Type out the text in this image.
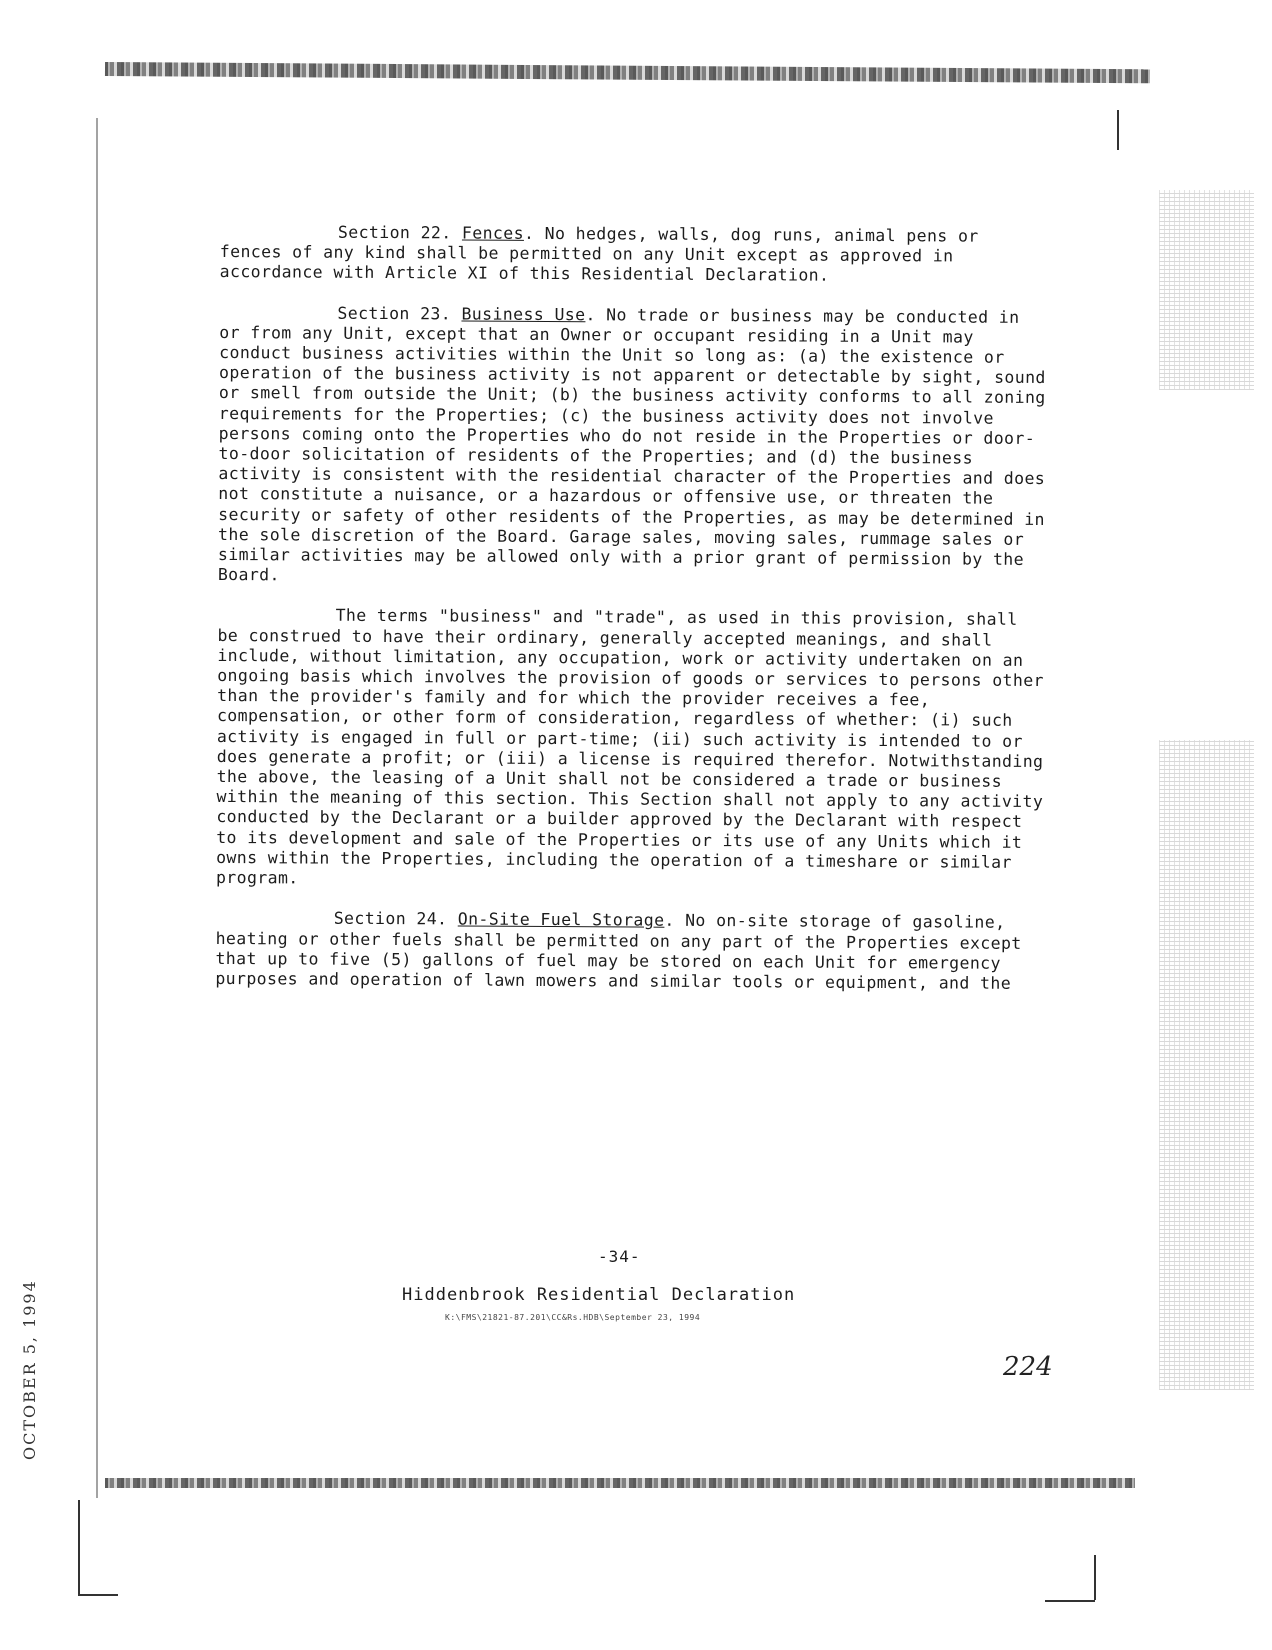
Section 22. Fences. No hedges, walls, dog runs, animal pens or fences of any kind shall be permitted on any Unit except as approved in accordance with Article XI of this Residential Declaration.

Section 23. Business Use. No trade or business may be conducted in or from any Unit, except that an Owner or occupant residing in a Unit may conduct business activities within the Unit so long as: (a) the existence or operation of the business activity is not apparent or detectable by sight, sound or smell from outside the Unit; (b) the business activity conforms to all zoning requirements for the Properties; (c) the business activity does not involve persons coming onto the Properties who do not reside in the Properties or door-to-door solicitation of residents of the Properties; and (d) the business activity is consistent with the residential character of the Properties and does not constitute a nuisance, or a hazardous or offensive use, or threaten the security or safety of other residents of the Properties, as may be determined in the sole discretion of the Board. Garage sales, moving sales, rummage sales or similar activities may be allowed only with a prior grant of permission by the Board.

The terms "business" and "trade", as used in this provision, shall be construed to have their ordinary, generally accepted meanings, and shall include, without limitation, any occupation, work or activity undertaken on an ongoing basis which involves the provision of goods or services to persons other than the provider's family and for which the provider receives a fee, compensation, or other form of consideration, regardless of whether: (i) such activity is engaged in full or part-time; (ii) such activity is intended to or does generate a profit; or (iii) a license is required therefor. Notwithstanding the above, the leasing of a Unit shall not be considered a trade or business within the meaning of this section. This Section shall not apply to any activity conducted by the Declarant or a builder approved by the Declarant with respect to its development and sale of the Properties or its use of any Units which it owns within the Properties, including the operation of a timeshare or similar program.

Section 24. On-Site Fuel Storage. No on-site storage of gasoline, heating or other fuels shall be permitted on any part of the Properties except that up to five (5) gallons of fuel may be stored on each Unit for emergency purposes and operation of lawn mowers and similar tools or equipment, and the

-34-
Hiddenbrook Residential Declaration
K:\FMS\21821-87.201\CC&Rs.HDB\September 23, 1994
224
OCTOBER 5, 1994
